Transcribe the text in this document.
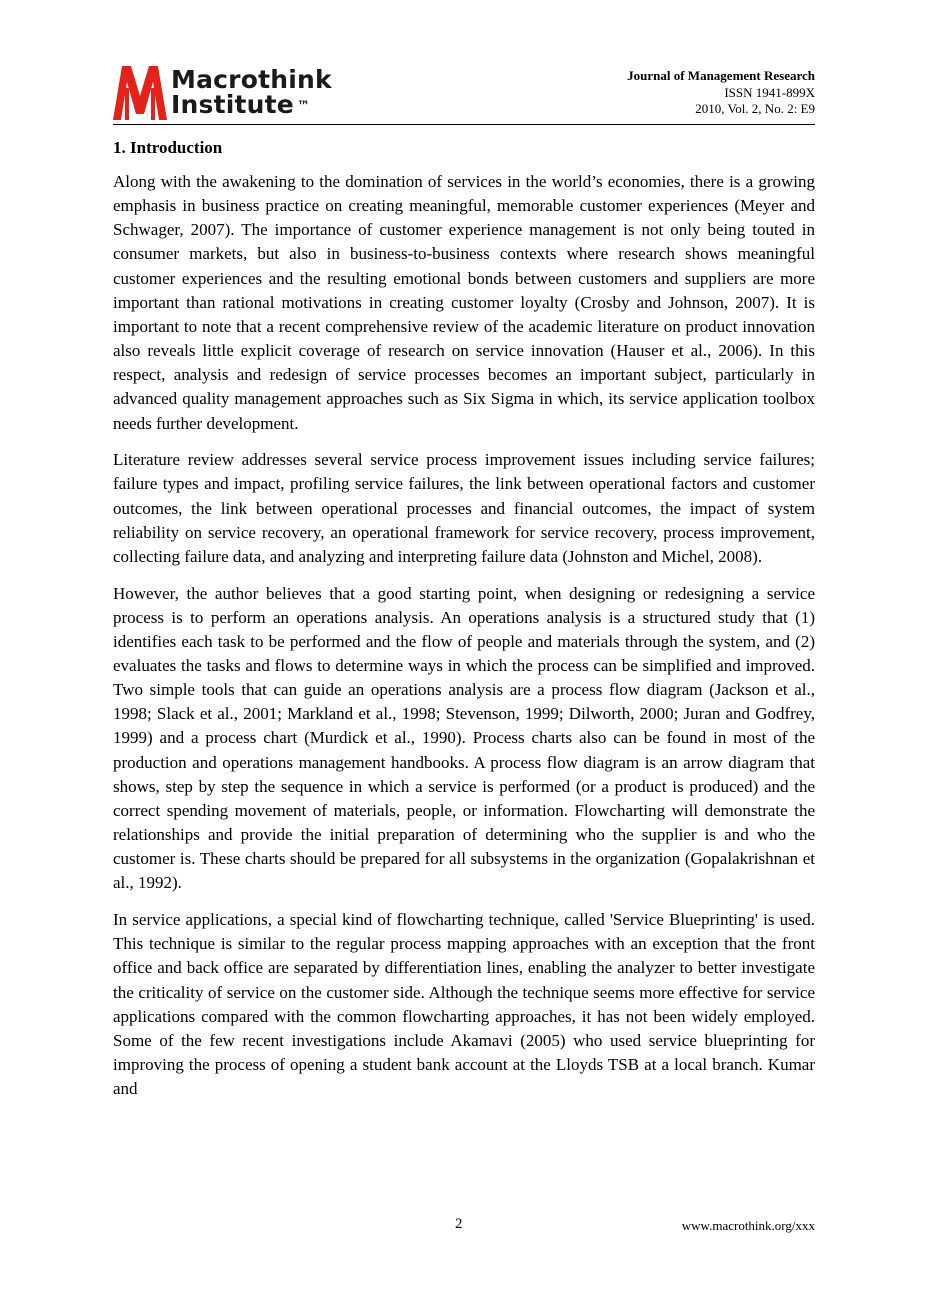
Macrothink
Institute ™
Journal of Management Research
ISSN 1941-899X
2010, Vol. 2, No. 2: E9
1. Introduction

Along with the awakening to the domination of services in the world’s economies, there is a growing emphasis in business practice on creating meaningful, memorable customer experiences (Meyer and Schwager, 2007). The importance of customer experience management is not only being touted in consumer markets, but also in business-to-business contexts where research shows meaningful customer experiences and the resulting emotional bonds between customers and suppliers are more important than rational motivations in creating customer loyalty (Crosby and Johnson, 2007). It is important to note that a recent comprehensive review of the academic literature on product innovation also reveals little explicit coverage of research on service innovation (Hauser et al., 2006). In this respect, analysis and redesign of service processes becomes an important subject, particularly in advanced quality management approaches such as Six Sigma in which, its service application toolbox needs further development.

Literature review addresses several service process improvement issues including service failures; failure types and impact, profiling service failures, the link between operational factors and customer outcomes, the link between operational processes and financial outcomes, the impact of system reliability on service recovery, an operational framework for service recovery, process improvement, collecting failure data, and analyzing and interpreting failure data (Johnston and Michel, 2008).

However, the author believes that a good starting point, when designing or redesigning a service process is to perform an operations analysis. An operations analysis is a structured study that (1) identifies each task to be performed and the flow of people and materials through the system, and (2) evaluates the tasks and flows to determine ways in which the process can be simplified and improved. Two simple tools that can guide an operations analysis are a process flow diagram (Jackson et al., 1998; Slack et al., 2001; Markland et al., 1998; Stevenson, 1999; Dilworth, 2000; Juran and Godfrey, 1999) and a process chart (Murdick et al., 1990). Process charts also can be found in most of the production and operations management handbooks. A process flow diagram is an arrow diagram that shows, step by step the sequence in which a service is performed (or a product is produced) and the correct spending movement of materials, people, or information. Flowcharting will demonstrate the relationships and provide the initial preparation of determining who the supplier is and who the customer is. These charts should be prepared for all subsystems in the organization (Gopalakrishnan et al., 1992).

In service applications, a special kind of flowcharting technique, called 'Service Blueprinting' is used. This technique is similar to the regular process mapping approaches with an exception that the front office and back office are separated by differentiation lines, enabling the analyzer to better investigate the criticality of service on the customer side. Although the technique seems more effective for service applications compared with the common flowcharting approaches, it has not been widely employed. Some of the few recent investigations include Akamavi (2005) who used service blueprinting for improving the process of opening a student bank account at the Lloyds TSB at a local branch. Kumar and

2	www.macrothink.org/xxx
